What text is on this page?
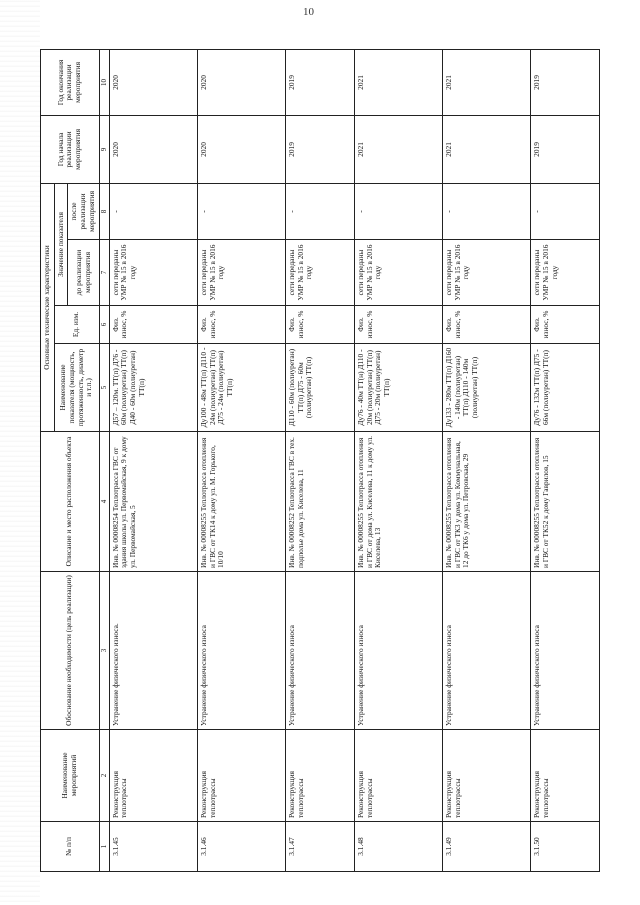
10
№ п/п	Наименование мероприятий	Обоснование необходимости (цель реализации)	Описание и место расположения объекта	Основные технические характеристики				Год начала реализации мероприятия	Год окончания реализации мероприятия
				Наименование показателя (мощность, протяженность, диаметр и т.п.)	Ед. изм.	Значение показателя			
						до реализации мероприятия	после реализации мероприятия		
1	2	3	4	5	6	7	8	9	10
3.1.45	Реконструкция теплотрассы	Устранение физического износа.	Инв. № 00008254 Теплотрасса ГВС от здания школы ул. Первомайская, 9 к дому ул. Первомайская, 5	Д57 – 120м. ТТ(п) Д76 - 60м (полиуретан) ТТ(п) Д40 - 60м (полиуретан) ТТ(п)	Физ. износ, %	сети переданы УМР № 15 в 2016 году	-	2020	2020
3.1.46	Реконструкция теплотрассы	Устранение физического износа	Инв. № 00008255 Теплотрасса отопления и ГВС от ТК14 к дому ул. М. Горького, 10/10	Ду100 - 48м ТТ(п) Д110 - 24м (полиуретан) ТТ(п) Д75 - 24м (полиуретан) ТТ(п)	Физ. износ, %	сети переданы УМР № 15 в 2016 году	-	2020	2020
3.1.47	Реконструкция теплотрассы	Устранение физического износа	Инв. № 00008252 Теплотрасса ГВС в тех. подполье дома ул. Киселева, 11	Д110 - 60м (полиуретан) ТТ(п) Д75 - 60м (полиуретан) ТТ(п)	Физ. износ, %	сети переданы УМР № 15 в 2016 году	-	2019	2019
3.1.48	Реконструкция теплотрассы	Устранение физического износа	Инв. № 00008255 Теплотрасса отопления и ГВС от дома ул. Киселева, 11 к дому ул. Киселева, 13	Ду76 - 40м ТТ(н) Д110 - 20м (полиуретан) ТТ(п) Д75 - 20м (полиуретан) ТТ(п)	Физ. износ, %	сети переданы УМР № 15 в 2016 году	-	2021	2021
3.1.49	Реконструкция теплотрассы	Устранение физического износа	Инв. № 00008255 Теплотрасса отопления и ГВС от ТК3 у дома ул. Коммунальная, 12 до ТК6 у дома ул. Петровская, 29	Ду133 - 280м ТТ(п) Д160 - 140м (полиуретан) ТТ(п) Д110 - 140м (полиуретан) ТТ(п)	Физ. износ, %	сети переданы УМР № 15 в 2016 году	-	2021	2021
3.1.50	Реконструкция теплотрассы	Устранение физического износа	Инв. № 00008255 Теплотрасса отопления и ГВС от ТК52 к дому Гаврилов, 15	Ду76 - 132м ТТ(п) Д75 - 66м (полиуретан) ТТ(п)	Физ. износ, %	сети переданы УМР № 15 в 2016 году	-	2019	2019
